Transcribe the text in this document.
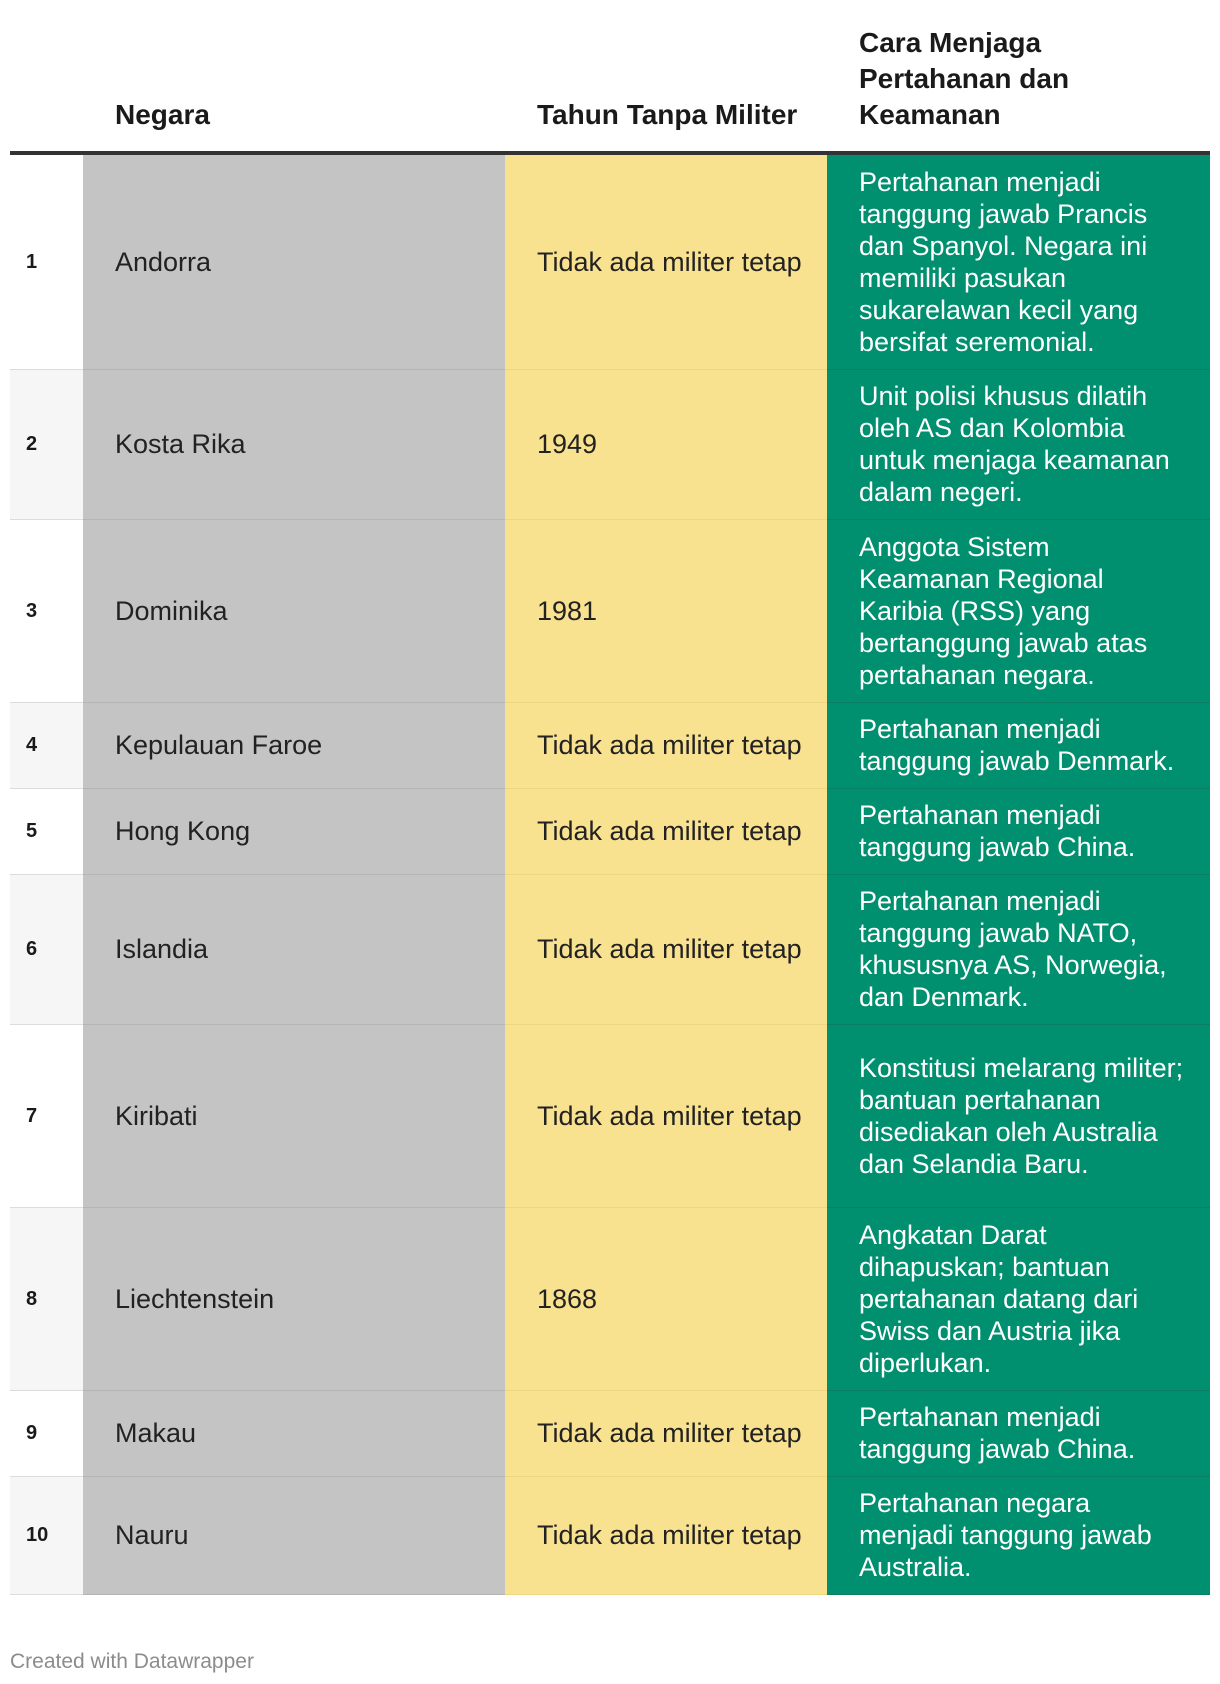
	Negara	Tahun Tanpa Militer	Cara Menjaga Pertahanan dan Keamanan
1	Andorra	Tidak ada militer tetap	Pertahanan menjadi tanggung jawab Prancis dan Spanyol. Negara ini memiliki pasukan sukarelawan kecil yang bersifat seremonial.
2	Kosta Rika	1949	Unit polisi khusus dilatih oleh AS dan Kolombia untuk menjaga keamanan dalam negeri.
3	Dominika	1981	Anggota Sistem Keamanan Regional Karibia (RSS) yang bertanggung jawab atas pertahanan negara.
4	Kepulauan Faroe	Tidak ada militer tetap	Pertahanan menjadi tanggung jawab Denmark.
5	Hong Kong	Tidak ada militer tetap	Pertahanan menjadi tanggung jawab China.
6	Islandia	Tidak ada militer tetap	Pertahanan menjadi tanggung jawab NATO, khususnya AS, Norwegia, dan Denmark.
7	Kiribati	Tidak ada militer tetap	Konstitusi melarang militer; bantuan pertahanan disediakan oleh Australia dan Selandia Baru.
8	Liechtenstein	1868	Angkatan Darat dihapuskan; bantuan pertahanan datang dari Swiss dan Austria jika diperlukan.
9	Makau	Tidak ada militer tetap	Pertahanan menjadi tanggung jawab China.
10	Nauru	Tidak ada militer tetap	Pertahanan negara menjadi tanggung jawab Australia.
Created with Datawrapper
